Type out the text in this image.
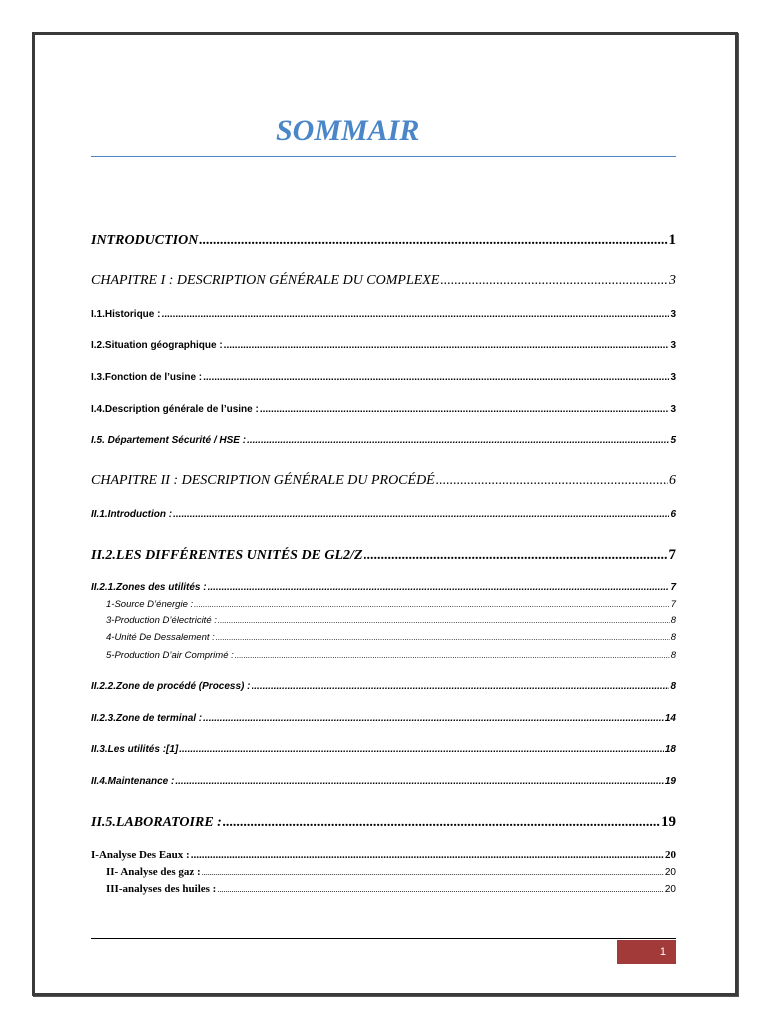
SOMMAIR
INTRODUCTION .....	1
CHAPITRE I : DESCRIPTION GÉNÉRALE DU COMPLEXE .....	3
I.1.Historique : .....	3
I.2.Situation géographique : .....	3
I.3.Fonction de l’usine : .....	3
I.4.Description générale de l’usine : .....	3
I.5. Département Sécurité / HSE : .....	5
CHAPITRE II : DESCRIPTION GÉNÉRALE DU PROCÉDÉ .....	6
II.1.Introduction : .....	6
II.2.LES DIFFÉRENTES UNITÉS DE GL2/Z .....	7
II.2.1.Zones des utilités : .....	7
1-Source D’énergie : .....	7
3-Production D’électricité : .....	8
4-Unité De Dessalement : .....	8
5-Production D’air Comprimé : .....	8
II.2.2.Zone de procédé (Process) : .....	8
II.2.3.Zone de terminal : .....	14
II.3.Les utilités :[1] .....	18
II.4.Maintenance : .....	19
II.5.LABORATOIRE : .....	19
I-Analyse Des Eaux : .....	20
II- Analyse des gaz : .....	20
III-analyses des huiles : .....	20
1
